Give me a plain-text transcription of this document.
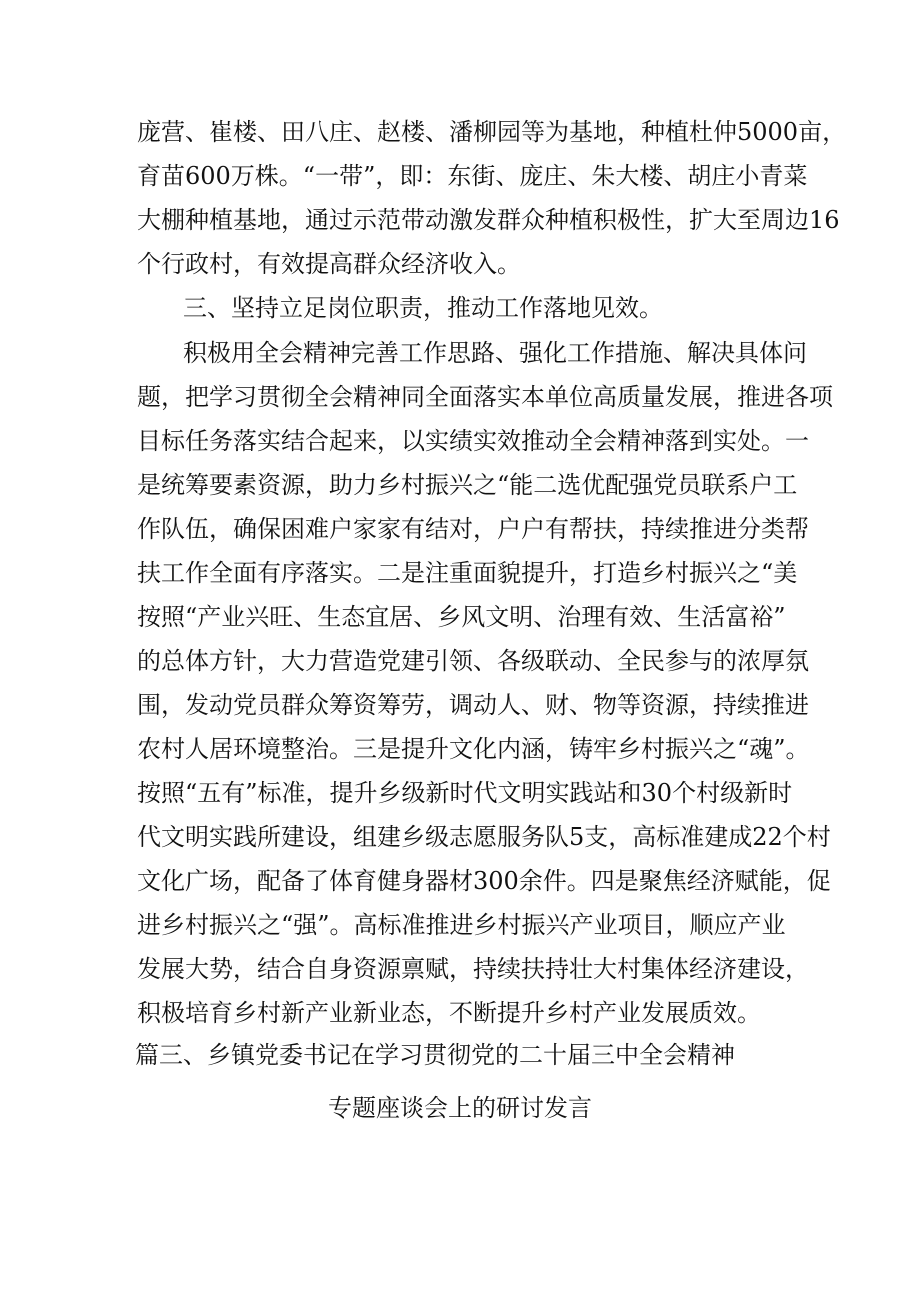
庞营、崔楼、田八庄、赵楼、潘柳园等为基地，种植杜仲5000亩，
育苗600万株。“一带”，即：东街、庞庄、朱大楼、胡庄小青菜
大棚种植基地，通过示范带动激发群众种植积极性，扩大至周边16
个行政村，有效提高群众经济收入。
三、坚持立足岗位职责，推动工作落地见效。
积极用全会精神完善工作思路、强化工作措施、解决具体问
题，把学习贯彻全会精神同全面落实本单位高质量发展，推进各项
目标任务落实结合起来，以实绩实效推动全会精神落到实处。一
是统筹要素资源，助力乡村振兴之“能二选优配强党员联系户工
作队伍，确保困难户家家有结对，户户有帮扶，持续推进分类帮
扶工作全面有序落实。二是注重面貌提升，打造乡村振兴之“美
按照“产业兴旺、生态宜居、乡风文明、治理有效、生活富裕”
的总体方针，大力营造党建引领、各级联动、全民参与的浓厚氛
围，发动党员群众筹资筹劳，调动人、财、物等资源，持续推进
农村人居环境整治。三是提升文化内涵，铸牢乡村振兴之“魂”。
按照“五有”标准，提升乡级新时代文明实践站和30个村级新时
代文明实践所建设，组建乡级志愿服务队5支，高标准建成22个村
文化广场，配备了体育健身器材300余件。四是聚焦经济赋能，促
进乡村振兴之“强”。高标准推进乡村振兴产业项目，顺应产业
发展大势，结合自身资源禀赋，持续扶持壮大村集体经济建设，
积极培育乡村新产业新业态，不断提升乡村产业发展质效。
篇三、乡镇党委书记在学习贯彻党的二十届三中全会精神
专题座谈会上的研讨发言
